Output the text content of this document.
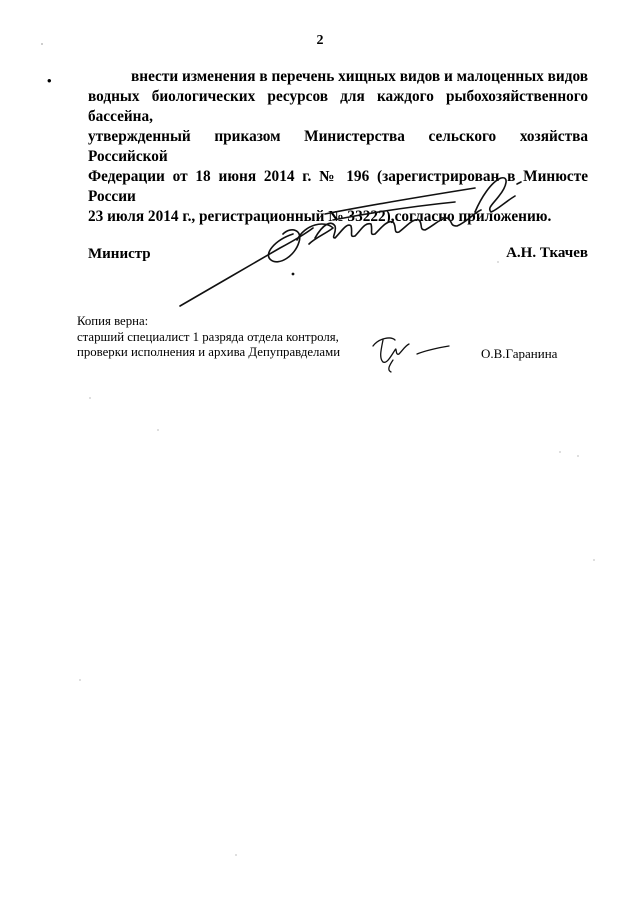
2
•	внести изменения в перечень хищных видов и малоценных видов
водных биологических ресурсов для каждого рыбохозяйственного бассейна,
утвержденный приказом Министерства сельского хозяйства Российской
Федерации от 18 июня 2014 г. № 196 (зарегистрирован в Минюсте России
23 июля 2014 г., регистрационный № 33222),согласно приложению.

Министр	А.Н. Ткачев
Копия верна:
старший специалист 1 разряда отдела контроля,
проверки исполнения и архива Депуправделами	О.В.Гаранина
